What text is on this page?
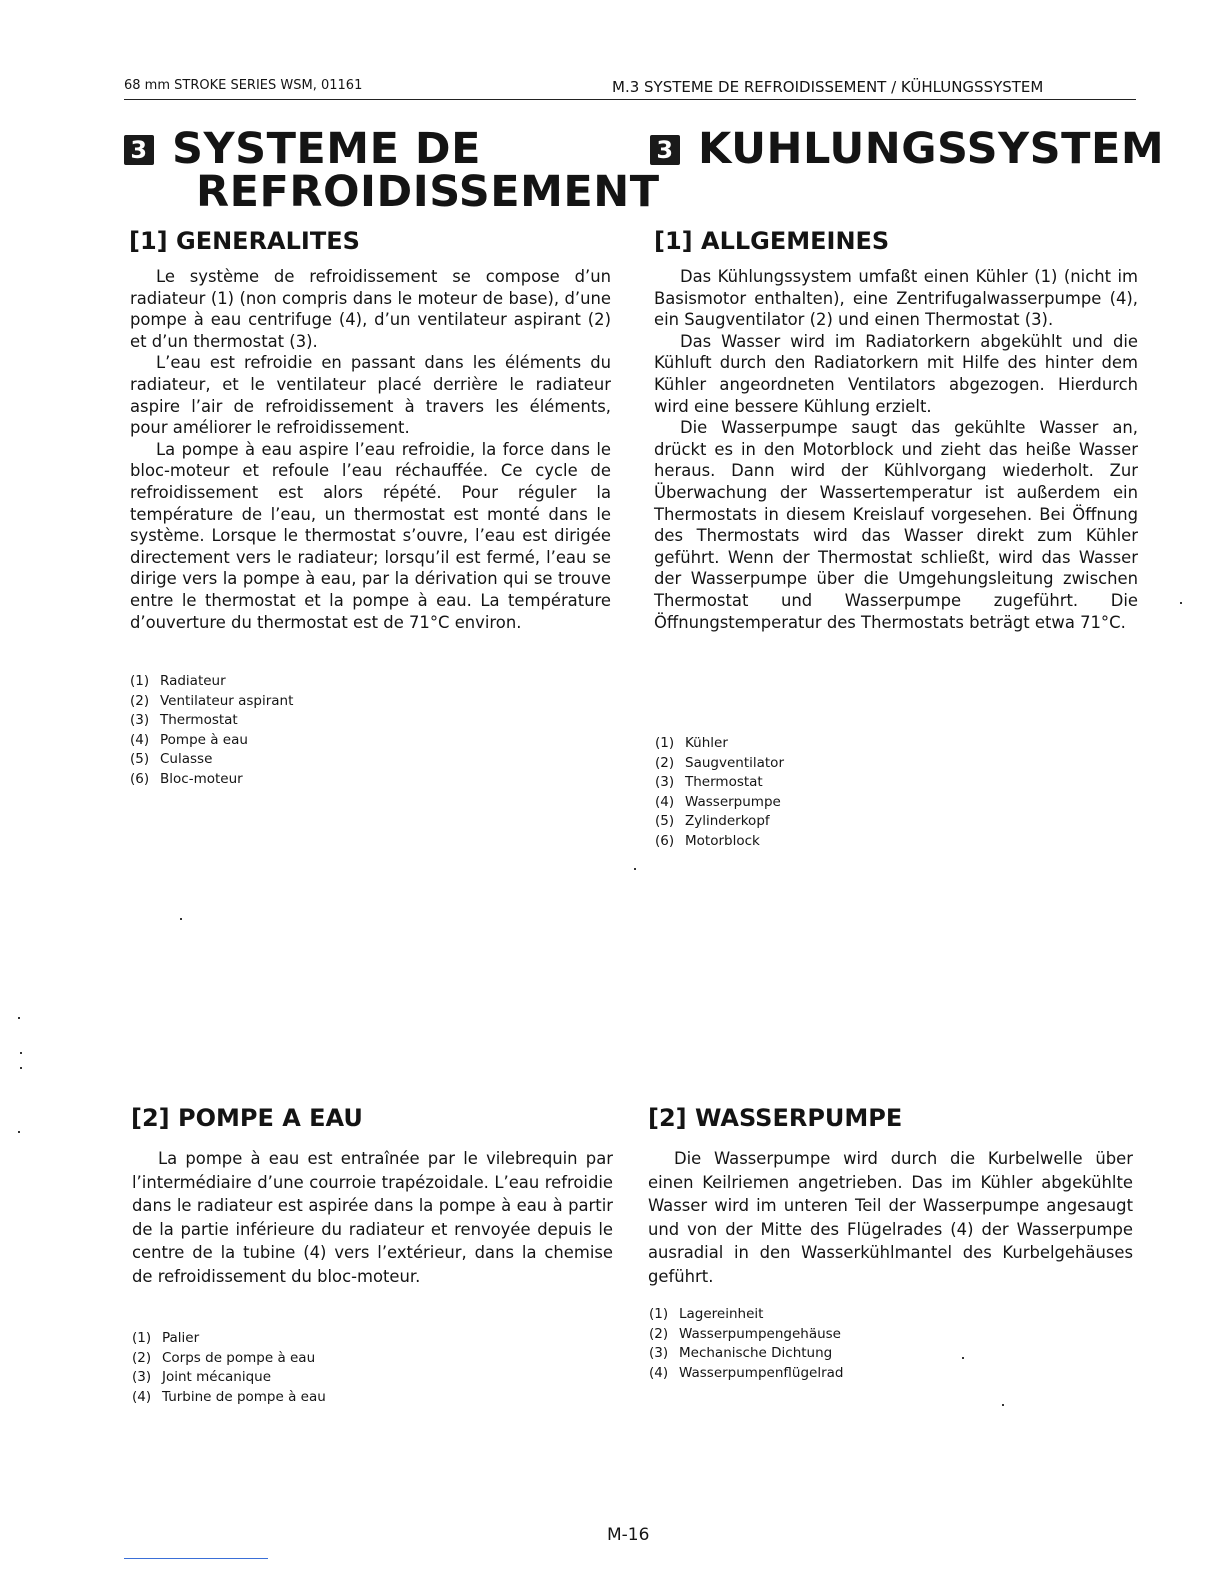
68 mm STROKE SERIES WSM, 01161	M.3 SYSTEME DE REFROIDISSEMENT / KÜHLUNGSSYSTEM
3 SYSTEME DE
REFROIDISSEMENT
3 KUHLUNGSSYSTEM
[1] GENERALITES

Le système de refroidissement se compose d’un radiateur (1) (non compris dans le moteur de base), d’une pompe à eau centrifuge (4), d’un ventilateur aspirant (2) et d’un thermostat (3).

L’eau est refroidie en passant dans les éléments du radiateur, et le ventilateur placé derrière le radiateur aspire l’air de refroidissement à travers les éléments, pour améliorer le refroidissement.

La pompe à eau aspire l’eau refroidie, la force dans le bloc-moteur et refoule l’eau réchauffée. Ce cycle de refroidissement est alors répété. Pour réguler la température de l’eau, un thermostat est monté dans le système. Lorsque le thermostat s’ouvre, l’eau est dirigée directement vers le radiateur; lorsqu’il est fermé, l’eau se dirige vers la pompe à eau, par la dérivation qui se trouve entre le thermostat et la pompe à eau. La température d’ouverture du thermostat est de 71°C environ.

(1) Radiateur
(2) Ventilateur aspirant
(3) Thermostat
(4) Pompe à eau
(5) Culasse
(6) Bloc-moteur
[1] ALLGEMEINES

Das Kühlungssystem umfaßt einen Kühler (1) (nicht im Basismotor enthalten), eine Zentrifugalwasserpumpe (4), ein Saugventilator (2) und einen Thermostat (3).

Das Wasser wird im Radiatorkern abgekühlt und die Kühluft durch den Radiatorkern mit Hilfe des hinter dem Kühler angeordneten Ventilators abgezogen. Hierdurch wird eine bessere Kühlung erzielt.

Die Wasserpumpe saugt das gekühlte Wasser an, drückt es in den Motorblock und zieht das heiße Wasser heraus. Dann wird der Kühlvorgang wiederholt. Zur Überwachung der Wassertemperatur ist außerdem ein Thermostats in diesem Kreislauf vorgesehen. Bei Öffnung des Thermostats wird das Wasser direkt zum Kühler geführt. Wenn der Thermostat schließt, wird das Wasser der Wasserpumpe über die Umgehungsleitung zwischen Thermostat und Wasserpumpe zugeführt. Die Öffnungstemperatur des Thermostats beträgt etwa 71°C.

(1) Kühler
(2) Saugventilator
(3) Thermostat
(4) Wasserpumpe
(5) Zylinderkopf
(6) Motorblock
[2] POMPE A EAU

La pompe à eau est entraînée par le vilebrequin par l’intermédiaire d’une courroie trapézoidale. L’eau refroidie dans le radiateur est aspirée dans la pompe à eau à partir de la partie inférieure du radiateur et renvoyée depuis le centre de la tubine (4) vers l’extérieur, dans la chemise de refroidissement du bloc-moteur.

(1) Palier
(2) Corps de pompe à eau
(3) Joint mécanique
(4) Turbine de pompe à eau
[2] WASSERPUMPE

Die Wasserpumpe wird durch die Kurbelwelle über einen Keilriemen angetrieben. Das im Kühler abgekühlte Wasser wird im unteren Teil der Wasserpumpe angesaugt und von der Mitte des Flügelrades (4) der Wasserpumpe ausradial in den Wasserkühlmantel des Kurbelgehäuses geführt.

(1) Lagereinheit
(2) Wasserpumpengehäuse
(3) Mechanische Dichtung
(4) Wasserpumpenflügelrad
M-16
